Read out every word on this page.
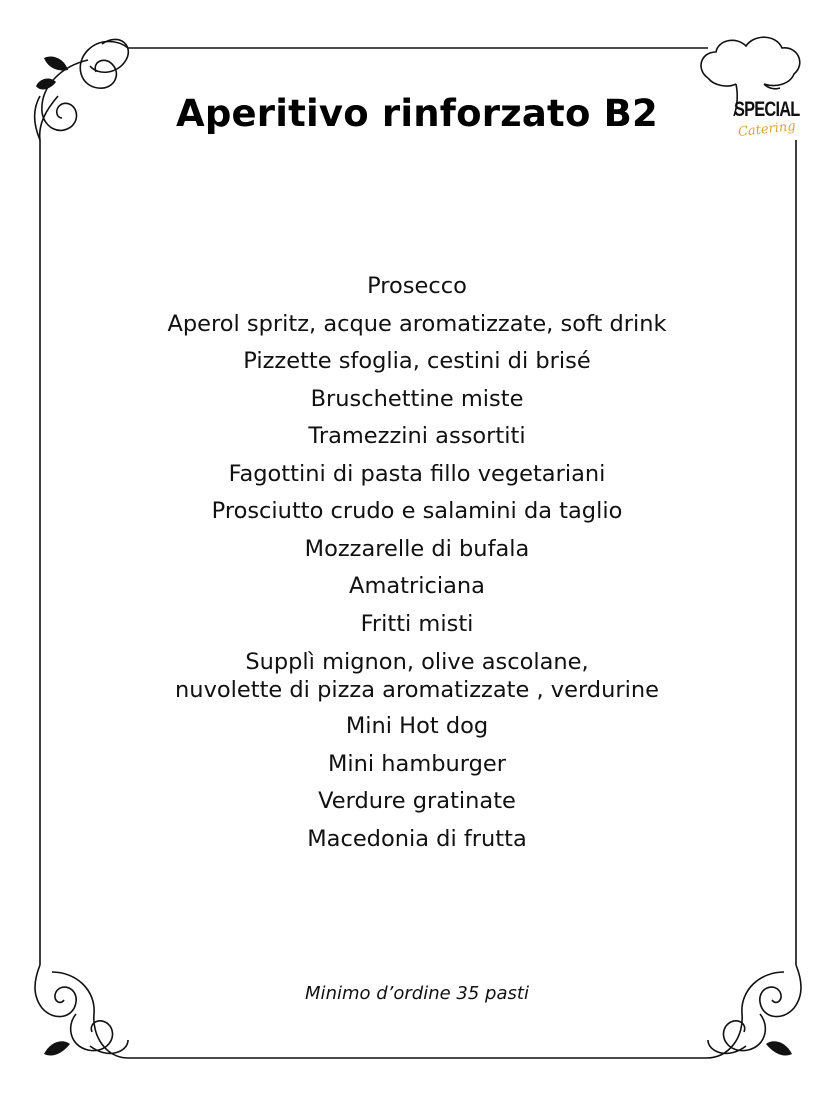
SPECIAL
Catering
Aperitivo rinforzato B2
Prosecco
Aperol spritz, acque aromatizzate, soft drink
Pizzette sfoglia, cestini di brisé
Bruschettine miste
Tramezzini assortiti
Fagottini di pasta fillo vegetariani
Prosciutto crudo e salamini da taglio
Mozzarelle di bufala
Amatriciana
Fritti misti
Supplì mignon, olive ascolane,
nuvolette di pizza aromatizzate , verdurine
Mini Hot dog
Mini hamburger
Verdure gratinate
Macedonia di frutta
Minimo d’ordine 35 pasti
